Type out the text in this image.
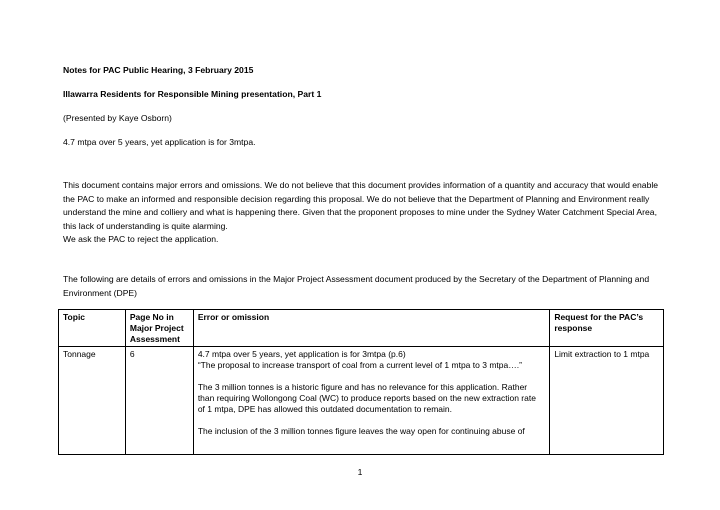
Notes for PAC Public Hearing, 3 February 2015
Illawarra Residents for Responsible Mining presentation, Part 1
(Presented by Kaye Osborn)
4.7 mtpa over 5 years, yet application is for 3mtpa.
This document contains major errors and omissions. We do not believe that this document provides information of a quantity and accuracy that would enable the PAC to make an informed and responsible decision regarding this proposal. We do not believe that the Department of Planning and Environment really understand the mine and colliery and what is happening there. Given that the proponent proposes to mine under the Sydney Water Catchment Special Area, this lack of understanding is quite alarming.
We ask the PAC to reject the application.
The following are details of errors and omissions in the Major Project Assessment document produced by the Secretary of the Department of Planning and Environment (DPE)
Topic	Page No in Major Project Assessment	Error or omission	Request for the PAC’s response
Tonnage	6	4.7 mtpa over 5 years, yet application is for 3mtpa (p.6)

“The proposal to increase transport of coal from a current level of 1 mtpa to 3 mtpa….”

The 3 million tonnes is a historic figure and has no relevance for this application. Rather than requiring Wollongong Coal (WC) to produce reports based on the new extraction rate of 1 mtpa, DPE has allowed this outdated documentation to remain.

The inclusion of the 3 million tonnes figure leaves the way open for continuing abuse of	Limit extraction to 1 mtpa
1
